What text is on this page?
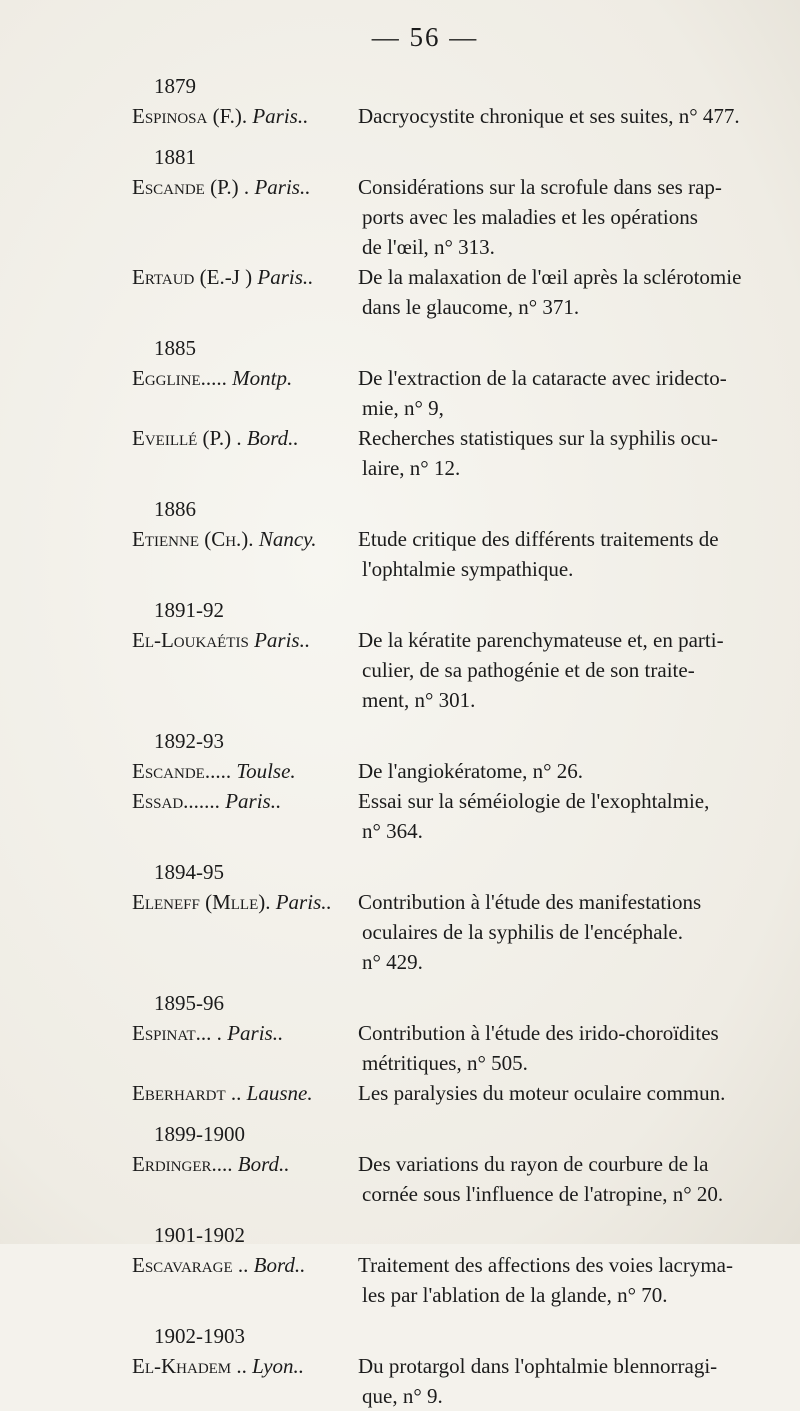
— 56 —
1879
Espinosa (F.). Paris..	Dacryocystite chronique et ses suites, n° 477.
1881
Escande (P.) . Paris..	Considérations sur la scrofule dans ses rap-
ports avec les maladies et les opérations
de l'œil, n° 313.
Ertaud (E.-J ) Paris..	De la malaxation de l'œil après la sclérotomie
dans le glaucome, n° 371.
1885
Eggline..... Montp.	De l'extraction de la cataracte avec iridecto-
mie, n° 9,
Eveillé (P.) . Bord..	Recherches statistiques sur la syphilis ocu-
laire, n° 12.
1886
Etienne (Ch.). Nancy.	Etude critique des différents traitements de
l'ophtalmie sympathique.
1891-92
El-Loukaétis Paris..	De la kératite parenchymateuse et, en parti-
culier, de sa pathogénie et de son traite-
ment, n° 301.
1892-93
Escande..... Toulse.	De l'angiokératome, n° 26.
Essad....... Paris..	Essai sur la séméiologie de l'exophtalmie,
n° 364.
1894-95
Eleneff (Mlle). Paris..	Contribution à l'étude des manifestations
oculaires de la syphilis de l'encéphale.
n° 429.
1895-96
Espinat... . Paris..	Contribution à l'étude des irido-choroïdites
métritiques, n° 505.
Eberhardt .. Lausne.	Les paralysies du moteur oculaire commun.
1899-1900
Erdinger.... Bord..	Des variations du rayon de courbure de la
cornée sous l'influence de l'atropine, n° 20.
1901-1902
Escavarage .. Bord..	Traitement des affections des voies lacryma-
les par l'ablation de la glande, n° 70.
1902-1903
El-Khadem .. Lyon..	Du protargol dans l'ophtalmie blennorragi-
que, n° 9.
